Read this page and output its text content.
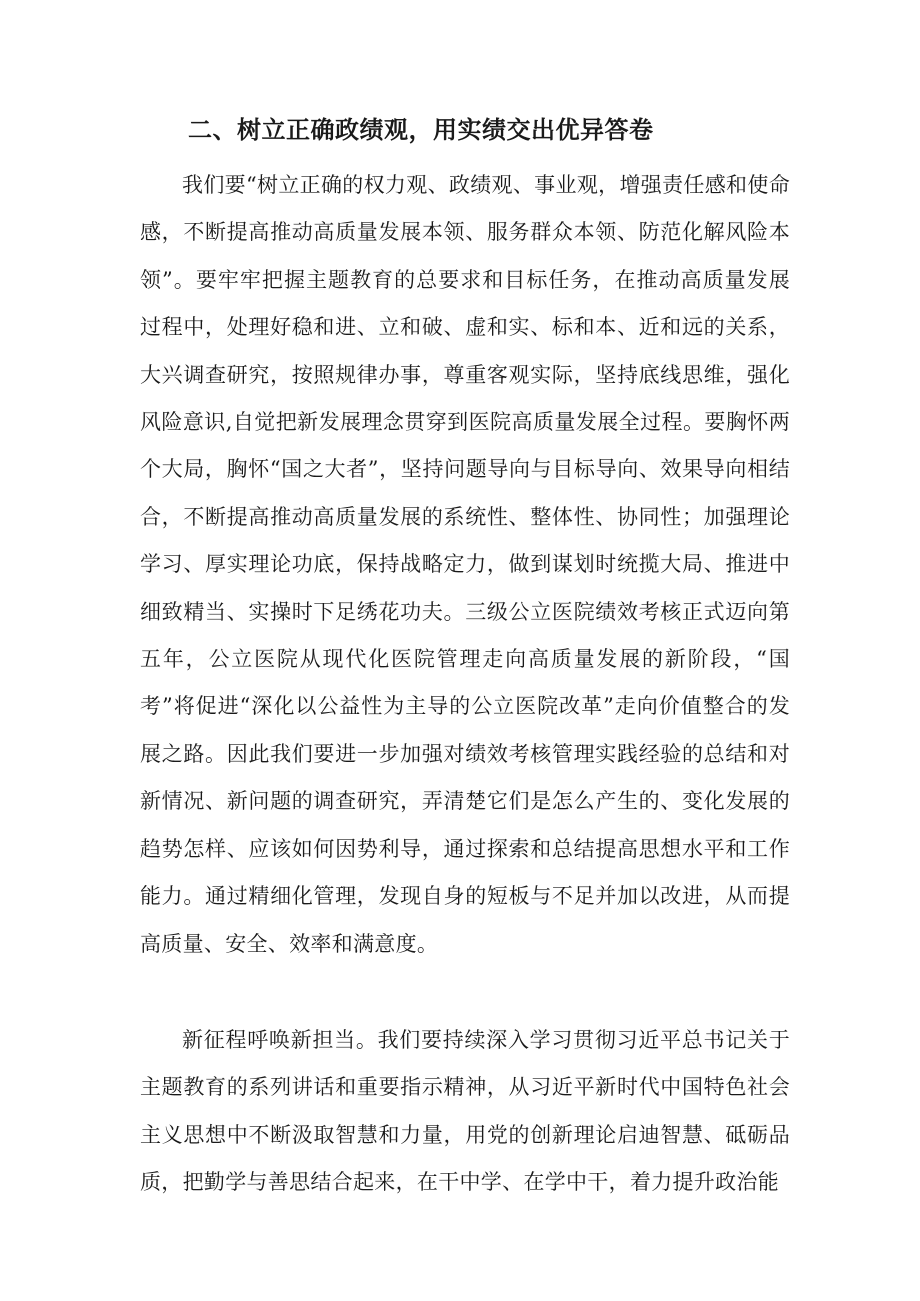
二、树立正确政绩观，用实绩交出优异答卷

我们要“树立正确的权力观、政绩观、事业观，增强责任感和使命感，不断提高推动高质量发展本领、服务群众本领、防范化解风险本领”。要牢牢把握主题教育的总要求和目标任务，在推动高质量发展过程中，处理好稳和进、立和破、虚和实、标和本、近和远的关系，大兴调查研究，按照规律办事，尊重客观实际，坚持底线思维，强化风险意识,自觉把新发展理念贯穿到医院高质量发展全过程。要胸怀两个大局，胸怀“国之大者”，坚持问题导向与目标导向、效果导向相结合，不断提高推动高质量发展的系统性、整体性、协同性；加强理论学习、厚实理论功底，保持战略定力，做到谋划时统揽大局、推进中细致精当、实操时下足绣花功夫。三级公立医院绩效考核正式迈向第五年，公立医院从现代化医院管理走向高质量发展的新阶段，“国考”将促进“深化以公益性为主导的公立医院改革”走向价值整合的发展之路。因此我们要进一步加强对绩效考核管理实践经验的总结和对新情况、新问题的调查研究，弄清楚它们是怎么产生的、变化发展的趋势怎样、应该如何因势利导，通过探索和总结提高思想水平和工作能力。通过精细化管理，发现自身的短板与不足并加以改进，从而提高质量、安全、效率和满意度。

新征程呼唤新担当。我们要持续深入学习贯彻习近平总书记关于主题教育的系列讲话和重要指示精神，从习近平新时代中国特色社会主义思想中不断汲取智慧和力量，用党的创新理论启迪智慧、砥砺品质，把勤学与善思结合起来，在干中学、在学中干，着力提升政治能
